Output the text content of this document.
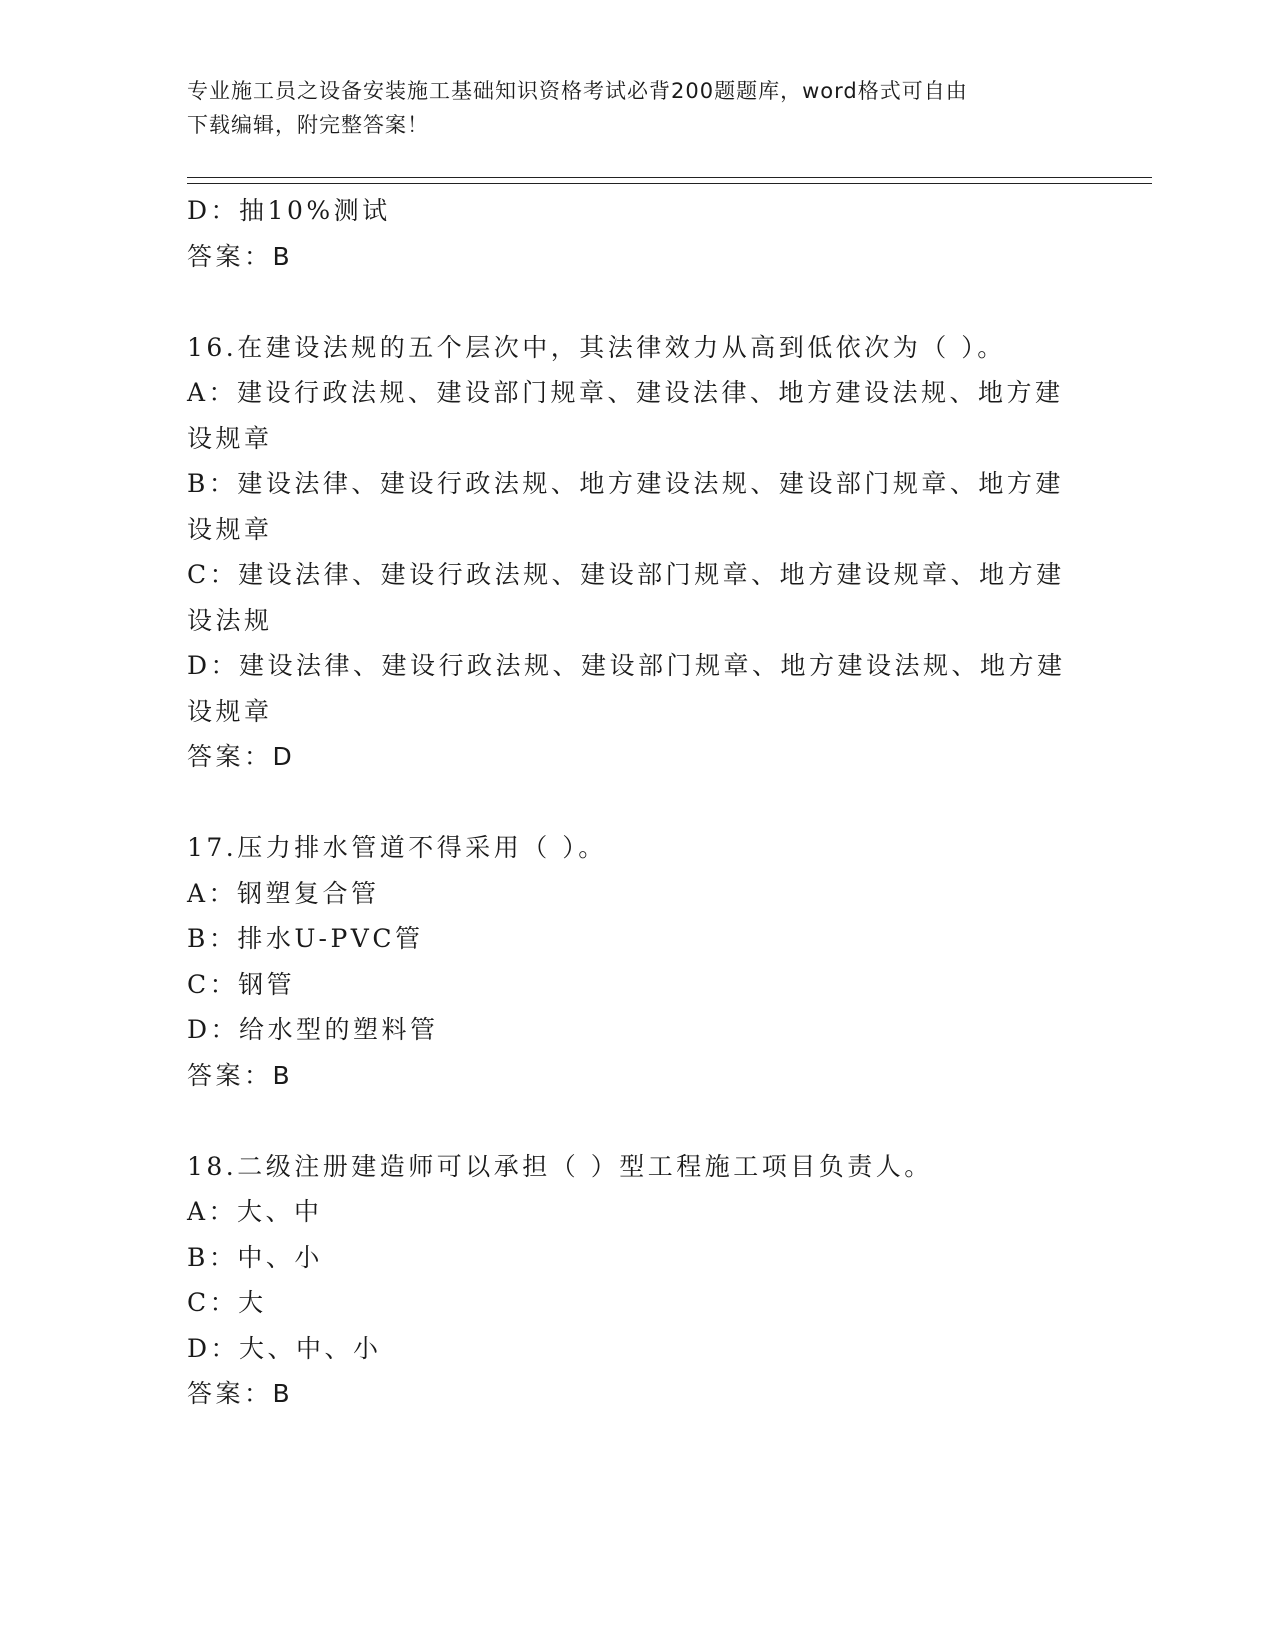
专业施工员之设备安装施工基础知识资格考试必背200题题库，word格式可自由
下载编辑，附完整答案！
D：抽10%测试
答案：B
16.在建设法规的五个层次中，其法律效力从高到低依次为（ ）。
A：建设行政法规、建设部门规章、建设法律、地方建设法规、地方建
设规章
B：建设法律、建设行政法规、地方建设法规、建设部门规章、地方建
设规章
C：建设法律、建设行政法规、建设部门规章、地方建设规章、地方建
设法规
D：建设法律、建设行政法规、建设部门规章、地方建设法规、地方建
设规章
答案：D
17.压力排水管道不得采用（ ）。
A：钢塑复合管
B：排水U-PVC管
C：钢管
D：给水型的塑料管
答案：B
18.二级注册建造师可以承担（ ）型工程施工项目负责人。
A：大、中
B：中、小
C：大
D：大、中、小
答案：B
